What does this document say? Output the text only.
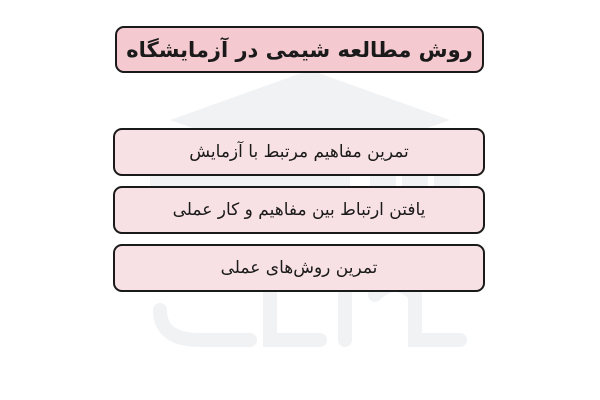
روش مطالعه شیمی در آزمایشگاه
تمرین مفاهیم مرتبط با آزمایش
یافتن ارتباط بین مفاهیم و کار عملی
تمرین روش‌های عملی
